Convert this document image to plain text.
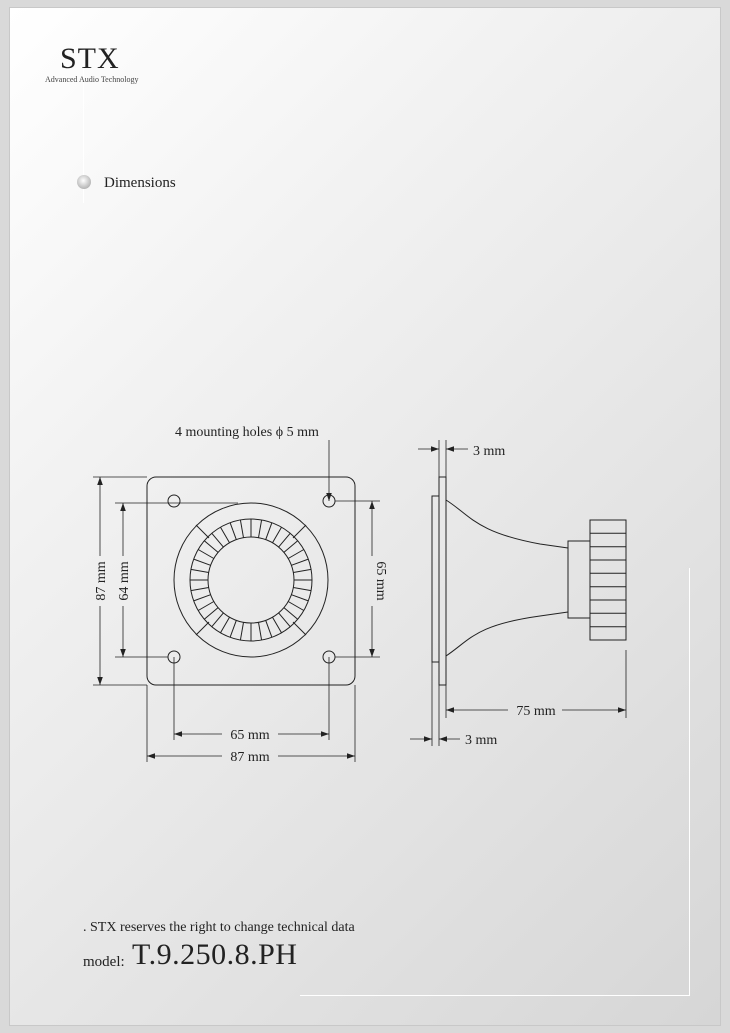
STX
Advanced Audio Technology
Dimensions
4 mounting holes ϕ 5 mm
87 mm 64 mm	65 mm
65 mm
87 mm
3 mm
75 mm
3 mm
. STX reserves the right to change technical data
model: T.9.250.8.PH
